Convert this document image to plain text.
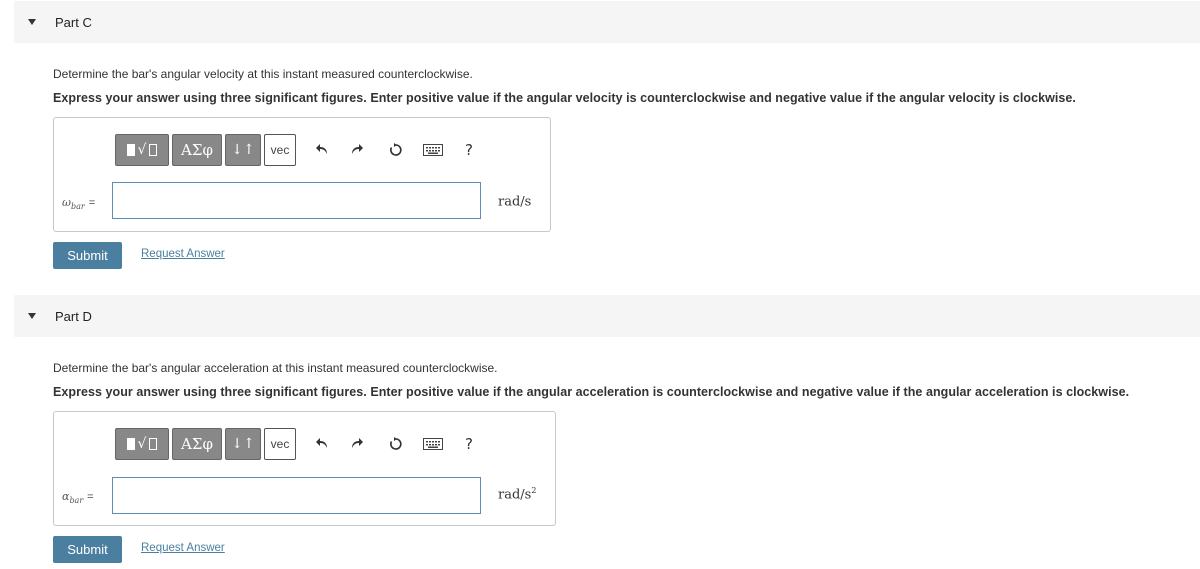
Part C
Determine the bar's angular velocity at this instant measured counterclockwise.
Express your answer using three significant figures. Enter positive value if the angular velocity is counterclockwise and negative value if the angular velocity is clockwise.
√	ΑΣφ	↓↑	vec	?
$\omega_{bar}$ =	rad/s
Submit	Request Answer
Part D
Determine the bar's angular acceleration at this instant measured counterclockwise.
Express your answer using three significant figures. Enter positive value if the angular acceleration is counterclockwise and negative value if the angular acceleration is clockwise.
√	ΑΣφ	↓↑	vec	?
$\alpha_{bar}$ =	rad/$s^2$
Submit	Request Answer
